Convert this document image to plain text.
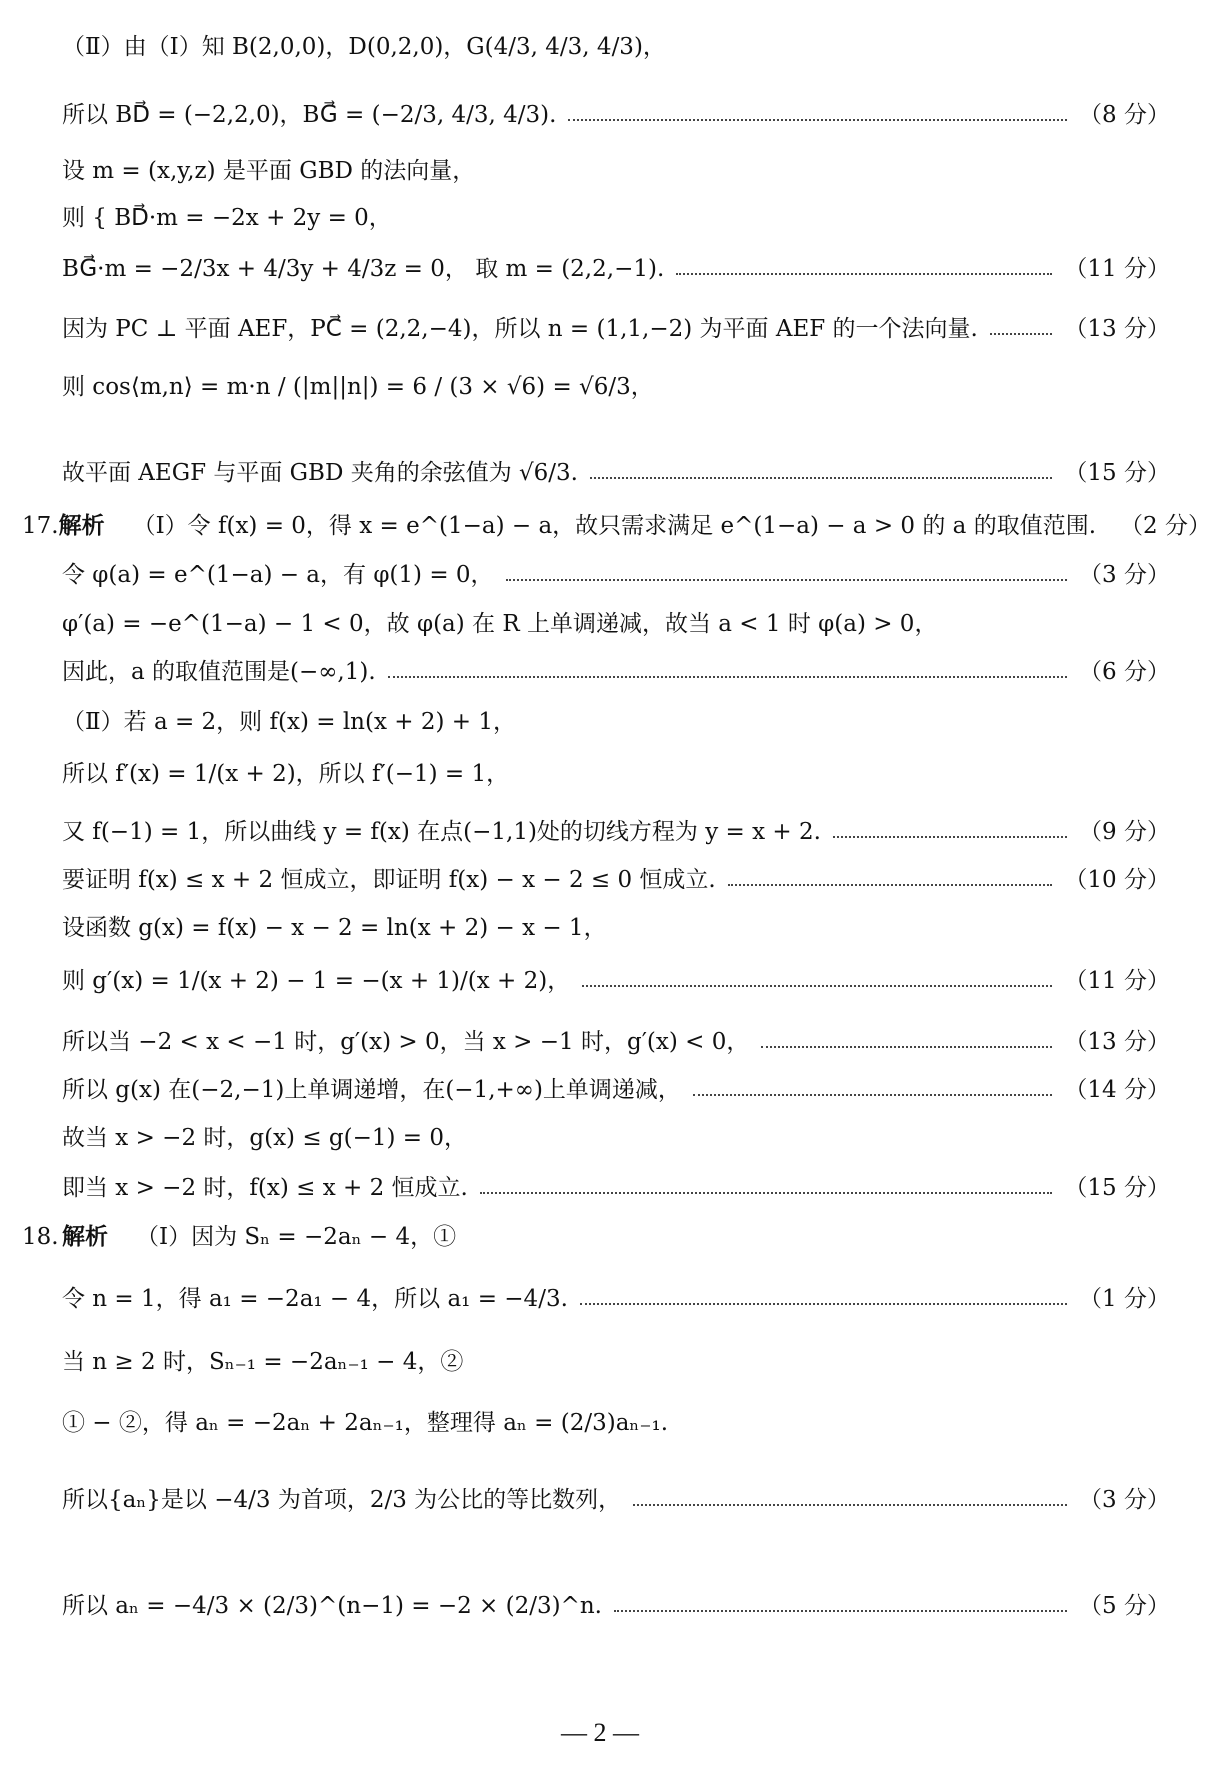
（Ⅱ）由（Ⅰ）知 B(2,0,0)，D(0,2,0)，G(4/3, 4/3, 4/3)，
所以 BD⃗ = (−2,2,0)，BG⃗ = (−2/3, 4/3, 4/3).	（8 分）
设 m = (x,y,z) 是平面 GBD 的法向量，
则 { BD⃗·m = −2x + 2y = 0，
BG⃗·m = −2/3x + 4/3y + 4/3z = 0， 取 m = (2,2,−1).	（11 分）
因为 PC ⊥ 平面 AEF，PC⃗ = (2,2,−4)，所以 n = (1,1,−2) 为平面 AEF 的一个法向量.	（13 分）
则 cos⟨m,n⟩ = m·n / (|m||n|) = 6 / (3 × √6) = √6/3，
故平面 AEGF 与平面 GBD 夹角的余弦值为 √6/3.	（15 分）
17. 解析 （Ⅰ）令 f(x) = 0，得 x = e^(1−a) − a，故只需求满足 e^(1−a) − a > 0 的 a 的取值范围. （2 分）
令 φ(a) = e^(1−a) − a，有 φ(1) = 0，	（3 分）
φ′(a) = −e^(1−a) − 1 < 0，故 φ(a) 在 R 上单调递减，故当 a < 1 时 φ(a) > 0，
因此，a 的取值范围是(−∞,1).	（6 分）
（Ⅱ）若 a = 2，则 f(x) = ln(x + 2) + 1，
所以 f′(x) = 1/(x + 2)，所以 f′(−1) = 1，
又 f(−1) = 1，所以曲线 y = f(x) 在点(−1,1)处的切线方程为 y = x + 2.	（9 分）
要证明 f(x) ≤ x + 2 恒成立，即证明 f(x) − x − 2 ≤ 0 恒成立.	（10 分）
设函数 g(x) = f(x) − x − 2 = ln(x + 2) − x − 1，
则 g′(x) = 1/(x + 2) − 1 = −(x + 1)/(x + 2)，	（11 分）
所以当 −2 < x < −1 时，g′(x) > 0，当 x > −1 时，g′(x) < 0，	（13 分）
所以 g(x) 在(−2,−1)上单调递增，在(−1,+∞)上单调递减，	（14 分）
故当 x > −2 时，g(x) ≤ g(−1) = 0，
即当 x > −2 时，f(x) ≤ x + 2 恒成立.	（15 分）
18. 解析 （Ⅰ）因为 Sₙ = −2aₙ − 4，①
令 n = 1，得 a₁ = −2a₁ − 4，所以 a₁ = −4/3.	（1 分）
当 n ≥ 2 时，Sₙ₋₁ = −2aₙ₋₁ − 4，②
① − ②，得 aₙ = −2aₙ + 2aₙ₋₁，整理得 aₙ = (2/3)aₙ₋₁.
所以{aₙ}是以 −4/3 为首项，2/3 为公比的等比数列，	（3 分）
所以 aₙ = −4/3 × (2/3)^(n−1) = −2 × (2/3)^n.	（5 分）
— 2 —
